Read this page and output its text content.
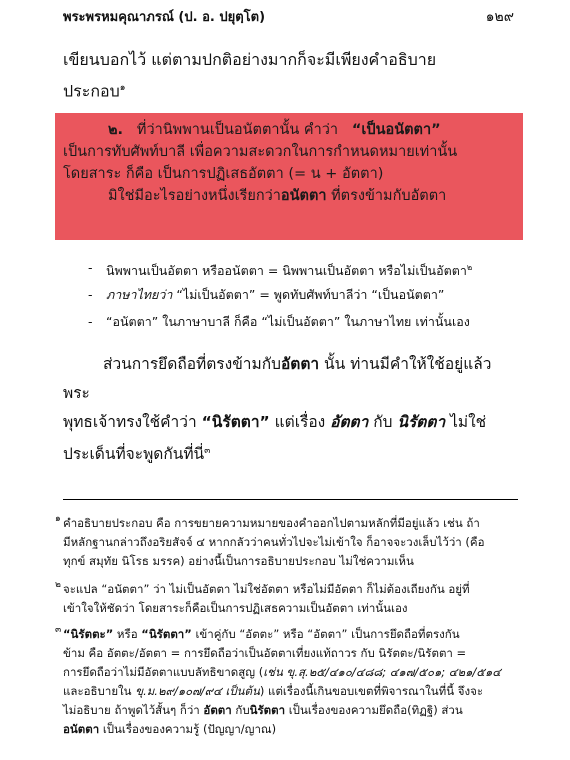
พระพรหมคุณาภรณ์ (ป. อ. ปยุตฺโต)	๑๒๙
เขียนบอกไว้ แต่ตามปกติอย่างมากก็จะมีเพียงคำอธิบาย
ประกอบ$^๑$
๒. ที่ว่านิพพานเป็นอนัตตานั้น คำว่า “เป็นอนัตตา”
เป็นการทับศัพท์บาลี เพื่อความสะดวกในการกำหนดหมายเท่านั้น
โดยสาระ ก็คือ เป็นการปฏิเสธอัตตา (= น + อัตตา)
มิใช่มีอะไรอย่างหนึ่งเรียกว่าอนัตตา ที่ตรงข้ามกับอัตตา
- นิพพานเป็นอัตตา หรืออนัตตา = นิพพานเป็นอัตตา หรือไม่เป็นอัตตา$^๒$
- ภาษาไทยว่า “ไม่เป็นอัตตา” = พูดทับศัพท์บาลีว่า “เป็นอนัตตา”
- “อนัตตา” ในภาษาบาลี ก็คือ “ไม่เป็นอัตตา” ในภาษาไทย เท่านั้นเอง
ส่วนการยึดถือที่ตรงข้ามกับอัตตา นั้น ท่านมีคำให้ใช้อยู่แล้ว พระ
พุทธเจ้าทรงใช้คำว่า “นิรัตตา” แต่เรื่อง อัตตา กับ นิรัตตา ไม่ใช่
ประเด็นที่จะพูดกันที่นี่$^๓$
๑ คำอธิบายประกอบ คือ การขยายความหมายของคำออกไปตามหลักที่มีอยู่แล้ว เช่น ถ้า
มีหลักฐานกล่าวถึงอริยสัจจ์ ๔ หากกลัวว่าคนทั่วไปจะไม่เข้าใจ ก็อาจจะวงเล็บไว้ว่า (คือ
ทุกข์ สมุทัย นิโรธ มรรค) อย่างนี้เป็นการอธิบายประกอบ ไม่ใช่ความเห็น
๒ จะแปล “อนัตตา” ว่า ไม่เป็นอัตตา ไม่ใช่อัตตา หรือไม่มีอัตตา ก็ไม่ต้องเถียงกัน อยู่ที่
เข้าใจให้ชัดว่า โดยสาระก็คือเป็นการปฏิเสธความเป็นอัตตา เท่านั้นเอง
๓ “นิรัตตะ” หรือ “นิรัตตา” เข้าคู่กับ “อัตตะ” หรือ “อัตตา” เป็นการยึดถือที่ตรงกัน
ข้าม คือ อัตตะ/อัตตา = การยึดถือว่าเป็นอัตตาเที่ยงแท้ถาวร กับ นิรัตตะ/นิรัตตา =
การยึดถือว่าไม่มีอัตตาแบบลัทธิขาดสูญ (เช่น ขุ.สุ.๒๕/๔๑๐/๔๘๘; ๔๑๗/๕๐๑; ๔๒๑/๕๑๔
และอธิบายใน ขุ.ม.๒๙/๑๐๗/๙๔ เป็นต้น) แต่เรื่องนี้เกินขอบเขตที่พิจารณาในที่นี้ จึงจะ
ไม่อธิบาย ถ้าพูดไว้สั้นๆ ก็ว่า อัตตา กับนิรัตตา เป็นเรื่องของความยึดถือ(ทิฏฐิ) ส่วน
อนัตตา เป็นเรื่องของความรู้ (ปัญญา/ญาณ)
